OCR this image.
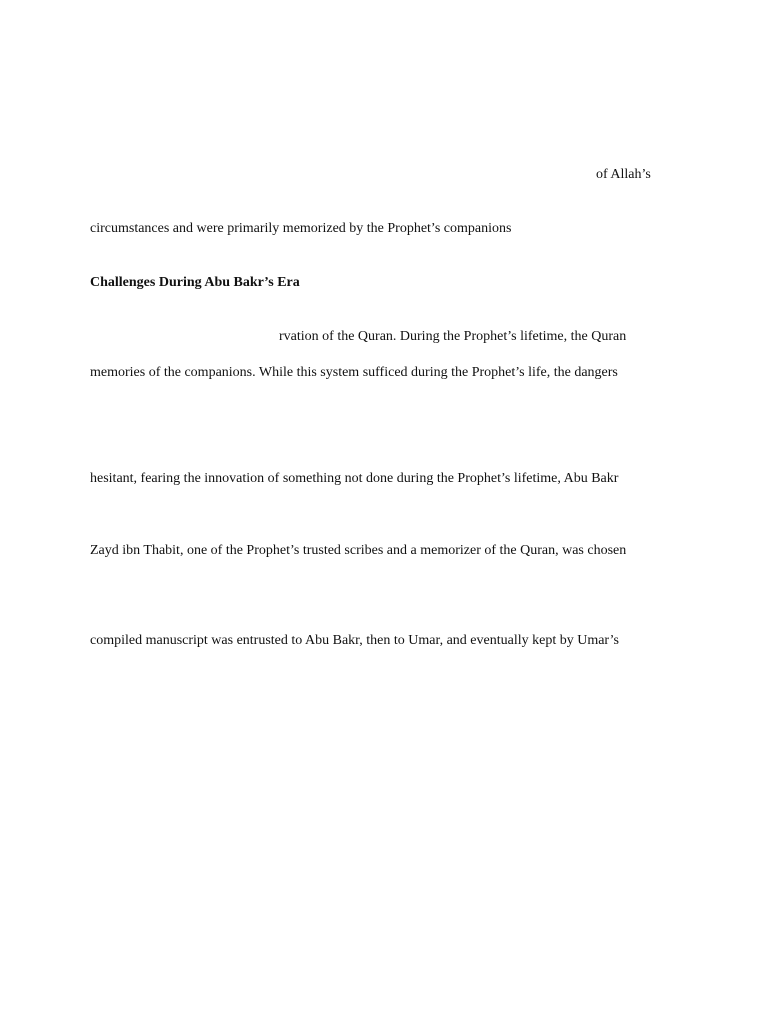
of Allah’s
circumstances and were primarily memorized by the Prophet’s companions
Challenges During Abu Bakr’s Era
rvation of the Quran. During the Prophet’s lifetime, the Quran
memories of the companions. While this system sufficed during the Prophet’s life, the dangers
hesitant, fearing the innovation of something not done during the Prophet’s lifetime, Abu Bakr
Zayd ibn Thabit, one of the Prophet’s trusted scribes and a memorizer of the Quran, was chosen
compiled manuscript was entrusted to Abu Bakr, then to Umar, and eventually kept by Umar’s
